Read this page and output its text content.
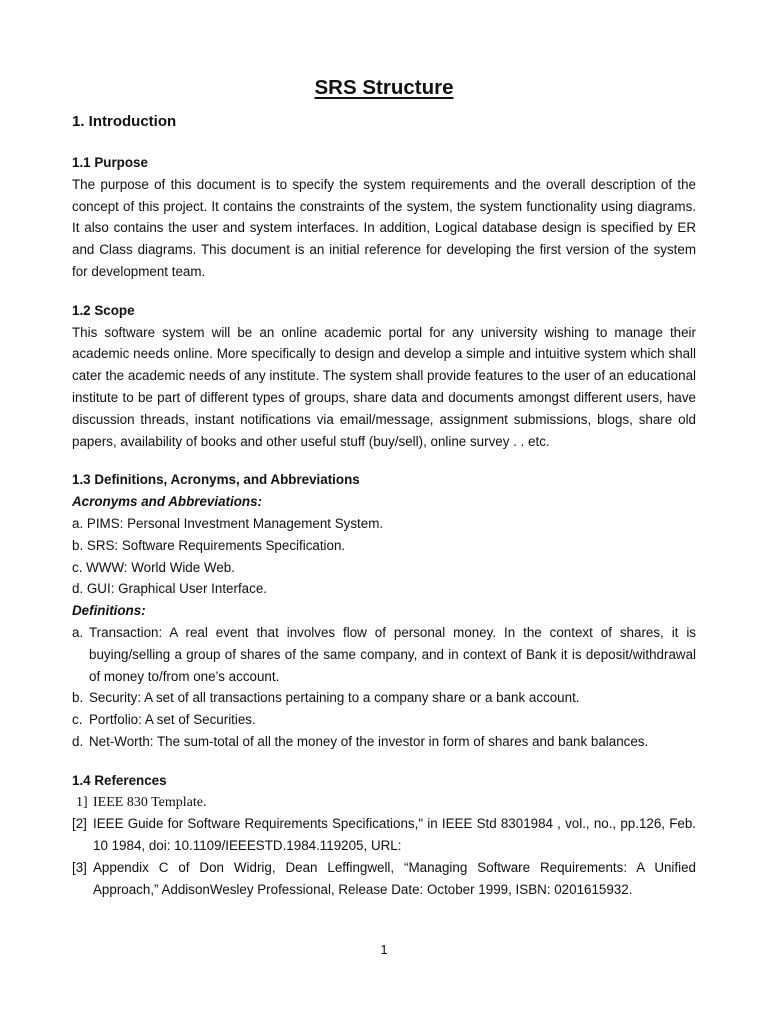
SRS Structure
1. Introduction
1.1 Purpose

The purpose of this document is to specify the system requirements and the overall description of the concept of this project. It contains the constraints of the system, the system functionality using diagrams. It also contains the user and system interfaces. In addition, Logical database design is specified by ER and Class diagrams. This document is an initial reference for developing the first version of the system for development team.

1.2 Scope

This software system will be an online academic portal for any university wishing to manage their academic needs online. More specifically to design and develop a simple and intuitive system which shall cater the academic needs of any institute. The system shall provide features to the user of an educational institute to be part of different types of groups, share data and documents amongst different users, have discussion threads, instant notifications via email/message, assignment submissions, blogs, share old papers, availability of books and other useful stuff (buy/sell), online survey . . etc.

1.3 Definitions, Acronyms, and Abbreviations
Acronyms and Abbreviations:
a. PIMS: Personal Investment Management System.
b. SRS: Software Requirements Specification.
c. WWW: World Wide Web.
d. GUI: Graphical User Interface.
Definitions:
a. Transaction: A real event that involves flow of personal money. In the context of shares, it is buying/selling a group of shares of the same company, and in context of Bank it is deposit/withdrawal of money to/from one’s account.
b. Security: A set of all transactions pertaining to a company share or a bank account.
c. Portfolio: A set of Securities.
d. Net-Worth: The sum-total of all the money of the investor in form of shares and bank balances.
1.4 References
1] IEEE 830 Template.
[2] IEEE Guide for Software Requirements Specifications," in IEEE Std 8301984 , vol., no., pp.126, Feb. 10 1984, doi: 10.1109/IEEESTD.1984.119205, URL:
[3] Appendix C of Don Widrig, Dean Leffingwell, “Managing Software Requirements: A Unified Approach,” AddisonWesley Professional, Release Date: October 1999, ISBN: 0201615932.
1
